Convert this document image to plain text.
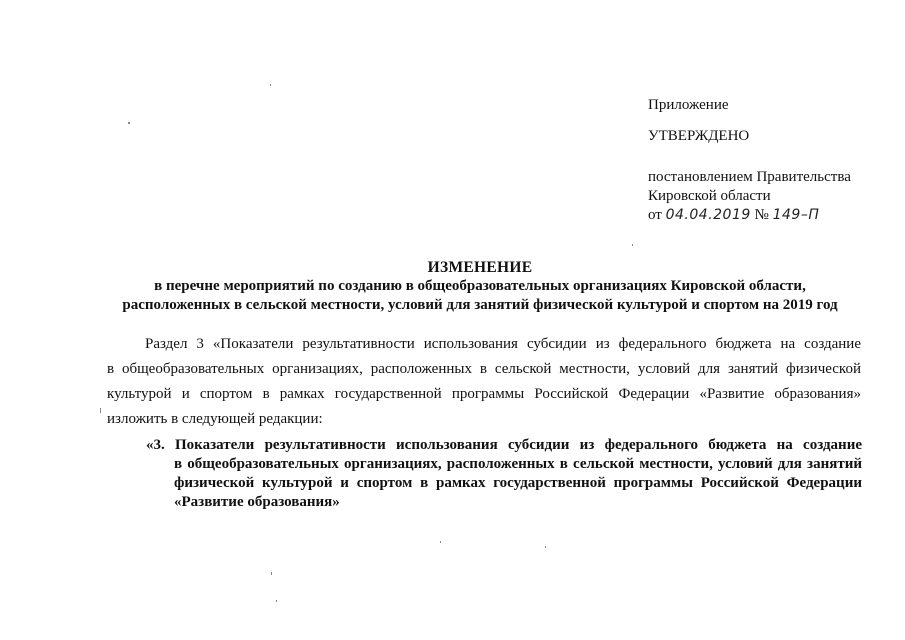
Приложение
УТВЕРЖДЕНО
постановлением Правительства
Кировской области
от 04.04.2019 № 149–П
ИЗМЕНЕНИЕ
в перечне мероприятий по созданию в общеобразовательных организациях Кировской области,
расположенных в сельской местности, условий для занятий физической культурой и спортом на 2019 год
Раздел 3 «Показатели результативности использования субсидии из федерального бюджета на создание
в общеобразовательных организациях, расположенных в сельской местности, условий для занятий физической
культурой и спортом в рамках государственной программы Российской Федерации «Развитие образования»
изложить в следующей редакции:
«3. Показатели результативности использования субсидии из федерального бюджета на создание
в общеобразовательных организациях, расположенных в сельской местности, условий для занятий
физической культурой и спортом в рамках государственной программы Российской Федерации
«Развитие образования»
